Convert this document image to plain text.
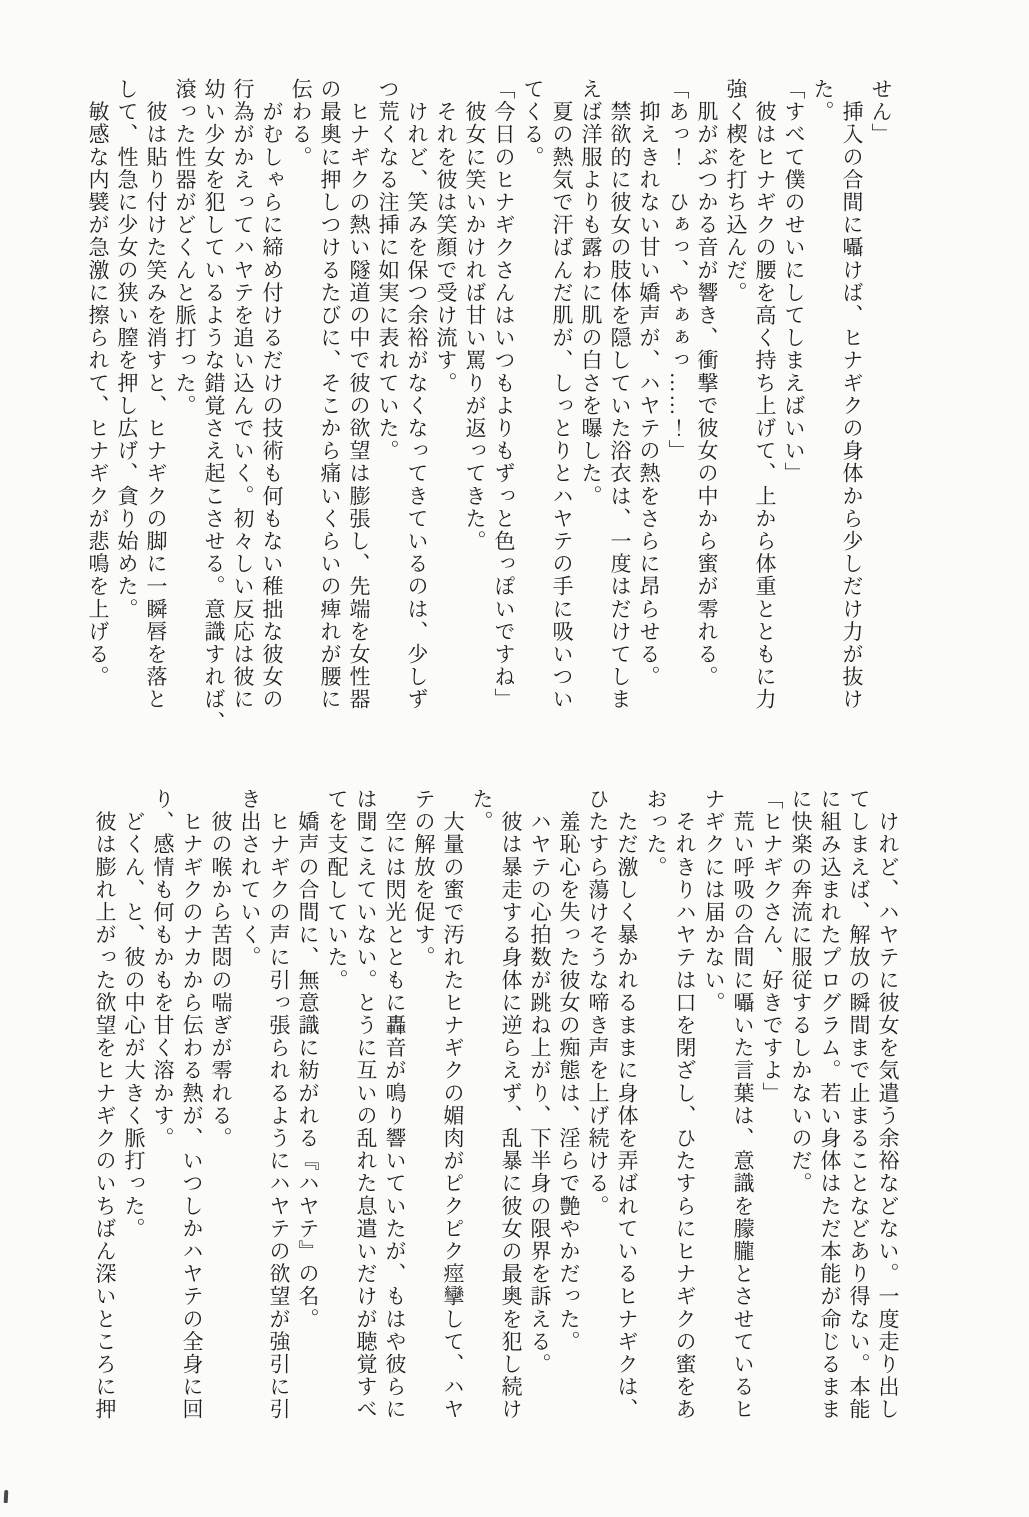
せん」
　挿入の合間に囁けば、ヒナギクの身体から少しだけ力が抜け
た。
「すべて僕のせいにしてしまえばいい」
　彼はヒナギクの腰を高く持ち上げて、上から体重とともに力
強く楔を打ち込んだ。
　肌がぶつかる音が響き、衝撃で彼女の中から蜜が零れる。
「あっ！　ひぁっ、やぁぁっ……！」
　抑えきれない甘い嬌声が、ハヤテの熱をさらに昂らせる。
　禁欲的に彼女の肢体を隠していた浴衣は、一度はだけてしま
えば洋服よりも露わに肌の白さを曝した。
　夏の熱気で汗ばんだ肌が、しっとりとハヤテの手に吸いつい
てくる。
「今日のヒナギクさんはいつもよりもずっと色っぽいですね」
　彼女に笑いかければ甘い罵りが返ってきた。
　それを彼は笑顔で受け流す。
　けれど、笑みを保つ余裕がなくなってきているのは、少しず
つ荒くなる注挿に如実に表れていた。
　ヒナギクの熱い隧道の中で彼の欲望は膨張し、先端を女性器
の最奥に押しつけるたびに、そこから痛いくらいの痺れが腰に
伝わる。
　がむしゃらに締め付けるだけの技術も何もない稚拙な彼女の
行為がかえってハヤテを追い込んでいく。初々しい反応は彼に
幼い少女を犯しているような錯覚さえ起こさせる。意識すれば、
滾った性器がどくんと脈打った。
　彼は貼り付けた笑みを消すと、ヒナギクの脚に一瞬唇を落と
して、性急に少女の狭い膣を押し広げ、貪り始めた。
　敏感な内襞が急激に擦られて、ヒナギクが悲鳴を上げる。
　けれど、ハヤテに彼女を気遣う余裕などない。一度走り出し
てしまえば、解放の瞬間まで止まることなどあり得ない。本能
に組み込まれたプログラム。若い身体はただ本能が命じるまま
に快楽の奔流に服従するしかないのだ。
「ヒナギクさん、好きですよ」
　荒い呼吸の合間に囁いた言葉は、意識を朦朧とさせているヒ
ナギクには届かない。
　それきりハヤテは口を閉ざし、ひたすらにヒナギクの蜜をあ
おった。
　ただ激しく暴かれるままに身体を弄ばれているヒナギクは、
ひたすら蕩けそうな啼き声を上げ続ける。
　羞恥心を失った彼女の痴態は、淫らで艶やかだった。
　ハヤテの心拍数が跳ね上がり、下半身の限界を訴える。
　彼は暴走する身体に逆らえず、乱暴に彼女の最奥を犯し続け
た。
　大量の蜜で汚れたヒナギクの媚肉がピクピク痙攣して、ハヤ
テの解放を促す。
　空には閃光とともに轟音が鳴り響いていたが、もはや彼らに
は聞こえていない。とうに互いの乱れた息遣いだけが聴覚すべ
てを支配していた。
　嬌声の合間に、無意識に紡がれる『ハヤテ』の名。
　ヒナギクの声に引っ張られるようにハヤテの欲望が強引に引
き出されていく。
　彼の喉から苦悶の喘ぎが零れる。
　ヒナギクのナカから伝わる熱が、いつしかハヤテの全身に回
り、感情も何もかもを甘く溶かす。
　どくん、と、彼の中心が大きく脈打った。
　彼は膨れ上がった欲望をヒナギクのいちばん深いところに押
